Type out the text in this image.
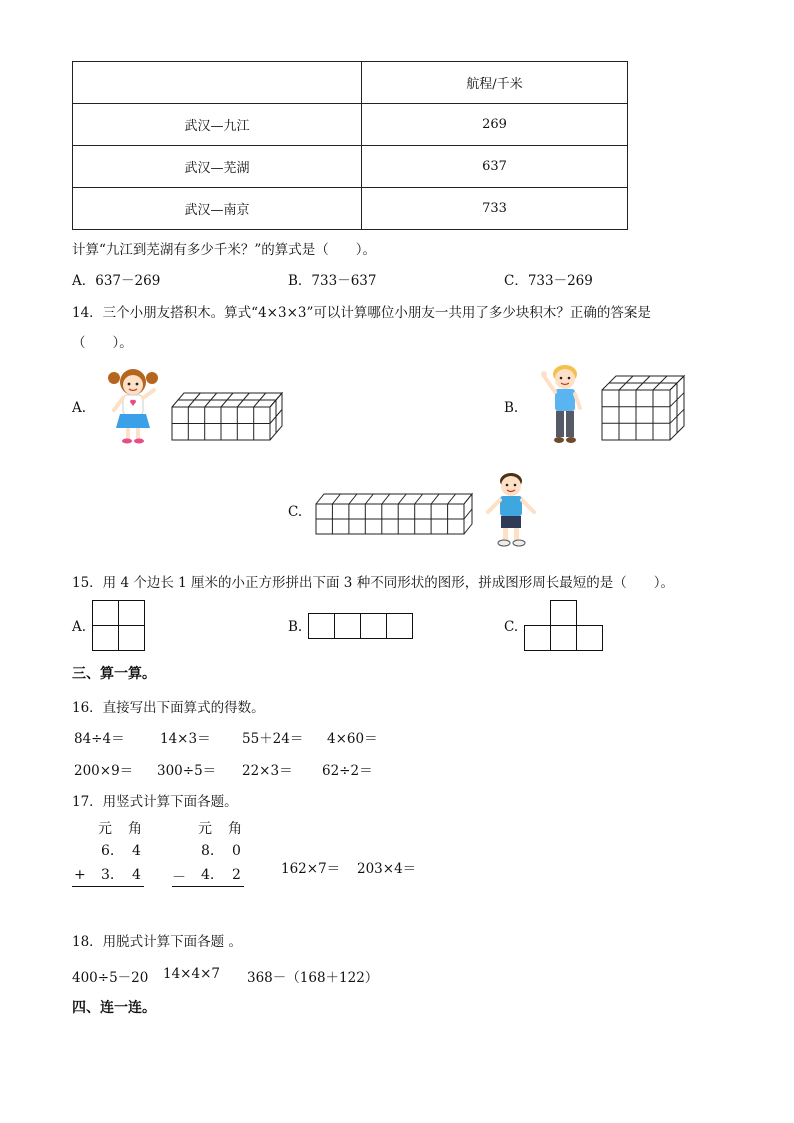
	航程/千米
武汉—九江	269
武汉—芜湖	637
武汉—南京	733
计算“九江到芜湖有多少千米？”的算式是（　　）。
A．637－269	B．733－637	C．733－269
14．三个小朋友搭积木。算式“4×3×3”可以计算哪位小朋友一共用了多少块积木？正确的答案是
（　　）。
A.	B.
C.
15．用 4 个边长 1 厘米的小正方形拼出下面 3 种不同形状的图形，拼成图形周长最短的是（　　）。
A.	B.	C.
三、算一算。
16．直接写出下面算式的得数。
84÷4＝	14×3＝ 55＋24＝ 4×60＝
200×9＝ 300÷5＝ 22×3＝ 62÷2＝
17．用竖式计算下面各题。
元 角
6. 4
+ 3. 4
元 角
8. 0
－ 4. 2	162×7＝ 203×4＝
18．用脱式计算下面各题 。
400÷5－20 14×4×7 368－（168＋122）
四、连一连。
